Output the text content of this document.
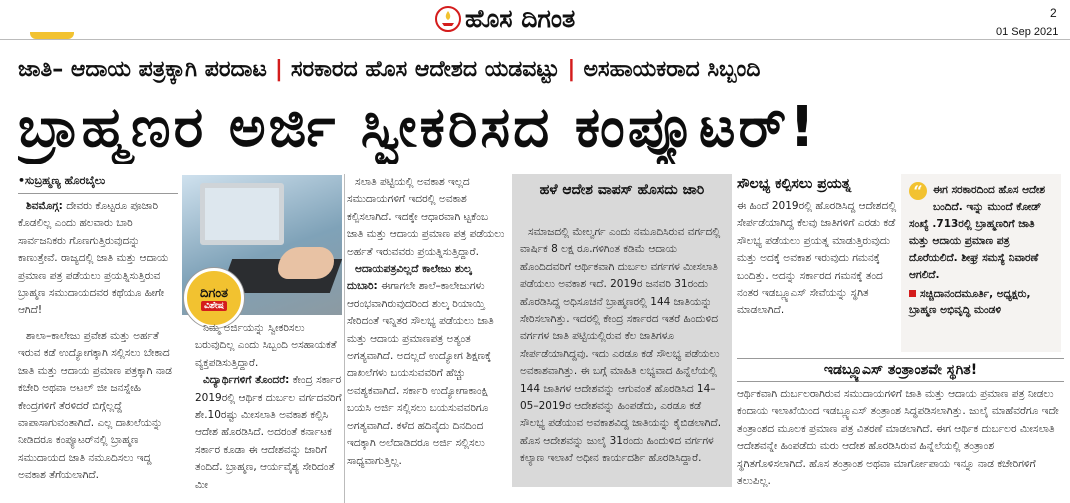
ಹೊಸ ದಿಗಂತ	2
01 Sep 2021
ಜಾತಿ– ಆದಾಯ ಪತ್ರಕ್ಕಾಗಿ ಪರದಾಟ | ಸರಕಾರದ ಹೊಸ ಆದೇಶದ ಯಡವಟ್ಟು | ಅಸಹಾಯಕರಾದ ಸಿಬ್ಬಂದಿ
ಬ್ರಾಹ್ಮಣರ ಅರ್ಜಿ ಸ್ವೀಕರಿಸದ ಕಂಪ್ಯೂಟರ್!
•ಸುಬ್ರಹ್ಮಣ್ಯ ಹೊರಬೈಲು

ಶಿವಮೊಗ್ಗ: ದೇವರು ಕೊಟ್ಟರೂ ಪೂಜಾರಿ ಕೊಡಲಿಲ್ಲ ಎಂದು ಹಲವಾರು ಬಾರಿ ಸಾರ್ವಜನಿಕರು ಗೊಣಗುತ್ತಿರುವುದನ್ನು ಕಾಣುತ್ತೇವೆ. ರಾಜ್ಯದಲ್ಲಿ ಜಾತಿ ಮತ್ತು ಆದಾಯ ಪ್ರಮಾಣ ಪತ್ರ ಪಡೆಯಲು ಪ್ರಯತ್ನಿಸುತ್ತಿರುವ ಬ್ರಾಹ್ಮಣ ಸಮುದಾಯದವರ ಕಥೆಯೂ ಹೀಗೇ ಆಗಿದೆ!

ಶಾಲಾ–ಕಾಲೇಜು ಪ್ರವೇಶ ಮತ್ತು ಅರ್ಹತೆ ಇರುವ ಕಡೆ ಉದ್ಯೋಗಕ್ಕಾಗಿ ಸಲ್ಲಿಸಲು ಬೇಕಾದ ಜಾತಿ ಮತ್ತು ಆದಾಯ ಪ್ರಮಾಣ ಪತ್ರಕ್ಕಾಗಿ ನಾಡ ಕಚೇರಿ ಅಥವಾ ಅಟಲ್ ಜೀ ಜನಸ್ನೇಹಿ ಕೇಂದ್ರಗಳಿಗೆ ತೆರಳಿದರೆ ಬಿಗ್ಗೆಲ್ಲದ್ದೆ ವಾಪಾಸಾಗುವಂತಾಗಿದೆ. ಎಲ್ಲ ದಾಖಲೆಯನ್ನು ನೀಡಿದರೂ ಕಂಪ್ಯೂಟರ್‌ನಲ್ಲಿ ಬ್ರಾಹ್ಮಣ ಸಮುದಾಯದ ಜಾತಿ ನಮೂದಿಸಲು ಇದ್ದ ಅವಕಾಶ ತೆಗೆಯಲಾಗಿದೆ.

ದಿಗಂತ
ವಿಶೇಷ

ನಿಮ್ಮ ಅರ್ಜಿಯನ್ನು ಸ್ವೀಕರಿಸಲು ಬರುವುದಿಲ್ಲ ಎಂದು ಸಿಬ್ಬಂದಿ ಅಸಹಾಯಕತೆ ವ್ಯಕ್ತಪಡಿಸುತ್ತಿದ್ದಾರೆ.

ವಿದ್ಯಾರ್ಥಿಗಳಿಗೆ ತೊಂದರೆ: ಕೇಂದ್ರ ಸರ್ಕಾರ 2019ರಲ್ಲಿ ಆರ್ಥಿಕ ದುರ್ಬಲ ವರ್ಗದವರಿಗೆ ಶೇ.10ರಷ್ಟು ಮೀಸಲಾತಿ ಅವಕಾಶ ಕಲ್ಪಿಸಿ ಆದೇಶ ಹೊರಡಿಸಿದೆ. ಅದರಂತೆ ಕರ್ನಾಟಕ ಸರ್ಕಾರ ಕೂಡಾ ಈ ಆದೇಶವನ್ನು ಜಾರಿಗೆ ತಂದಿದೆ. ಬ್ರಾಹ್ಮಣ, ಆರ್ಯವೈಶ್ಯ ಸೇರಿದಂತೆ ಮೀ

ಸಲಾತಿ ಪಟ್ಟಿಯಲ್ಲಿ ಅವಕಾಶ ಇಲ್ಲದ ಸಮುದಾಯಗಳಿಗೆ ಇದರಲ್ಲಿ ಅವಕಾಶ ಕಲ್ಪಿಸಲಾಗಿದೆ. ಇದಕ್ಕೇ ಆಧಾರವಾಗಿ ಟ್ಟಕೆಂಬ ಜಾತಿ ಮತ್ತು ಆದಾಯ ಪ್ರಮಾಣ ಪತ್ರ ಪಡೆಯಲು ಅರ್ಹತೆ ಇರುವವರು ಪ್ರಯತ್ನಿಸುತ್ತಿದ್ದಾರೆ.

ಆದಾಯಪತ್ರವಿಲ್ಲದೆ ಕಾಲೇಜು ಶುಲ್ಕ ದುಬಾರಿ: ಈಗಾಗಲೇ ಶಾಲೆ–ಕಾಲೇಜುಗಳು ಆರಂಭವಾಗಿರುವುದರಿಂದ ಶುಲ್ಕ ರಿಯಾಯ್ತಿ ಸೇರಿದಂತೆ ಇನ್ನಿತರ ಸೌಲಭ್ಯ ಪಡೆಯಲು ಜಾತಿ ಮತ್ತು ಆದಾಯ ಪ್ರಮಾಣಪತ್ರ ಅತ್ಯಂತ ಅಗತ್ಯವಾಗಿದೆ. ಅದಲ್ಲದೆ ಉದ್ಯೋಗ ಶಿಕ್ಷಣಕ್ಕೆ ದಾಖಲೆಗಳು ಬಯಸುವವರಿಗೆ ಹೆಚ್ಚು ಅವಶ್ಯಕವಾಗಿದೆ. ಸರ್ಕಾರಿ ಉದ್ಯೋಗಾಕಾಂಕ್ಷಿ ಬಯಸಿ ಅರ್ಜಿ ಸಲ್ಲಿಸಲು ಬಯಸುವವರಿಗೂ ಅಗತ್ಯವಾಗಿದೆ. ಕಳೆದ ಹದಿನೈದು ದಿನದಿಂದ ಇದಕ್ಕಾಗಿ ಅಲೆದಾಡಿದರೂ ಅರ್ಜಿ ಸಲ್ಲಿಸಲು ಸಾಧ್ಯವಾಗುತ್ತಿಲ್ಲ.

ಹಳೆ ಆದೇಶ ವಾಪಸ್ ಹೊಸದು ಜಾರಿ

ಸಮಾಜದಲ್ಲಿ ಮೇಲ್ವರ್ಗ ಎಂದು ನಮೂದಿಸಿರುವ ವರ್ಗದಲ್ಲಿ ವಾರ್ಷಿಕ 8 ಲಕ್ಷ ರೂ.ಗಳಿಗಿಂತ ಕಡಿಮೆ ಆದಾಯ ಹೊಂದಿದವರಿಗೆ ಆರ್ಥಿಕವಾಗಿ ದುರ್ಬಲ ವರ್ಗಗಳ ಮೀಸಲಾತಿ ಪಡೆಯಲು ಅವಕಾಶ ಇದೆ. 2019ರ ಜನವರಿ 31ರಂದು ಹೊರಡಿಸಿದ್ದ ಅಧಿಸೂಚನೆ ಬ್ರಾಹ್ಮಣರಲ್ಲಿ 144 ಜಾತಿಯನ್ನು ಸೇರಿಸಲಾಗಿತ್ತು. ಇದರಲ್ಲಿ ಕೇಂದ್ರ ಸರ್ಕಾರದ ಇತರೆ ಹಿಂದುಳಿದ ವರ್ಗಗಳ ಜಾತಿ ಪಟ್ಟಿಯಲ್ಲಿರುವ ಕೆಲ ಜಾತಿಗಳೂ ಸೇರ್ಪಡೆಯಾಗಿದ್ದವು. ಇದು ಎರಡೂ ಕಡೆ ಸೌಲಭ್ಯ ಪಡೆಯಲು ಅವಕಾಶವಾಗಿತ್ತು. ಈ ಬಗ್ಗೆ ಮಾಹಿತಿ ಲಭ್ಯವಾದ ಹಿನ್ನೆಲೆಯಲ್ಲಿ 144 ಜಾತಿಗಳ ಆದೇಶವನ್ನು ಆಗುವಂತೆ ಹೊರಡಿಸಿದ 14–05–2019ರ ಆದೇಶವನ್ನು ಹಿಂಪಡೆದು, ಎರಡೂ ಕಡೆ ಸೌಲಭ್ಯ ಪಡೆಯುವ ಅವಕಾಶವಿದ್ದ ಜಾತಿಯನ್ನು ಕೈಬಿಡಲಾಗಿದೆ. ಹೊಸ ಆದೇಶವನ್ನು ಜುಲೈ 31ರಂದು ಹಿಂದುಳಿದ ವರ್ಗಗಳ ಕಲ್ಯಾಣ ಇಲಾಖೆ ಅಧೀನ ಕಾರ್ಯದರ್ಶಿ ಹೊರಡಿಸಿದ್ದಾರೆ.

ಸೌಲಭ್ಯ ಕಲ್ಪಿಸಲು ಪ್ರಯತ್ನ
ಈ ಹಿಂದೆ 2019ರಲ್ಲಿ ಹೊರಡಿಸಿದ್ದ ಆದೇಶದಲ್ಲಿ ಸೇರ್ಪಡೆಯಾಗಿದ್ದ ಕೆಲವು ಜಾತಿಗಳಿಗೆ ಎರಡು ಕಡೆ ಸೌಲಭ್ಯ ಪಡೆಯಲು ಪ್ರಯತ್ನ ಮಾಡುತ್ತಿರುವುದು ಮತ್ತು ಅದಕ್ಕೆ ಅವಕಾಶ ಇರುವುದು ಗಮನಕ್ಕೆ ಬಂದಿತ್ತು. ಅದನ್ನು ಸರ್ಕಾರದ ಗಮನಕ್ಕೆ ತಂದ ನಂತರ ಇಡಬ್ಲ್ಯೂಎಸ್ ಸೇವೆಯನ್ನು ಸ್ಥಗಿತ ಮಾಡಲಾಗಿದೆ.
“ ಈಗ ಸರಕಾರದಿಂದ ಹೊಸ ಆದೇಶ ಬಂದಿದೆ. ಇನ್ನು ಮುಂದೆ ಕೋಡ್ ಸಂಖ್ಯೆ .713ರಲ್ಲಿ ಬ್ರಾಹ್ಮಣರಿಗೆ ಜಾತಿ ಮತ್ತು ಆದಾಯ ಪ್ರಮಾಣ ಪತ್ರ ದೊರೆಯಲಿದೆ. ಶೀಘ್ರ ಸಮಸ್ಯೆ ನಿವಾರಣೆ ಆಗಲಿದೆ.
ಸಚ್ಚಿದಾನಂದಮೂರ್ತಿ, ಅಧ್ಯಕ್ಷರು, ಬ್ರಾಹ್ಮಣ ಅಭಿವೃದ್ಧಿ ಮಂಡಳಿ
ಇಡಬ್ಲ್ಯೂಎಸ್ ತಂತ್ರಾಂಶವೇ ಸ್ಥಗಿತ!
ಆರ್ಥಿಕವಾಗಿ ದುರ್ಬಲರಾಗಿರುವ ಸಮುದಾಯಗಳಿಗೆ ಜಾತಿ ಮತ್ತು ಆದಾಯ ಪ್ರಮಾಣ ಪತ್ರ ನೀಡಲು ಕಂದಾಯ ಇಲಾಖೆಯಿಂದ ಇಡಬ್ಲ್ಯೂಎಸ್ ತಂತ್ರಾಂಶ ಸಿದ್ಧಪಡಿಸಲಾಗಿತ್ತು. ಜುಲೈ ಮಾಹೆವರೆಗೂ ಇದೇ ತಂತ್ರಾಂಶದ ಮೂಲಕ ಪ್ರಮಾಣ ಪತ್ರ ವಿತರಣೆ ಮಾಡಲಾಗಿದೆ. ಈಗ ಆರ್ಥಿಕ ದುರ್ಬಲರ ಮೀಸಲಾತಿ ಆದೇಶವನ್ನೇ ಹಿಂಪಡೆದು ಮರು ಆದೇಶ ಹೊರಡಿಸಿರುವ ಹಿನ್ನೆಲೆಯಲ್ಲಿ ತಂತ್ರಾಂಶ ಸ್ಥಗಿತಗೊಳಿಸಲಾಗಿದೆ. ಹೊಸ ತಂತ್ರಾಂಶ ಅಥವಾ ಮಾರ್ಗೋಪಾಯ ಇನ್ನೂ ನಾಡ ಕಚೇರಿಗಳಿಗೆ ತಲುಪಿಲ್ಲ.
